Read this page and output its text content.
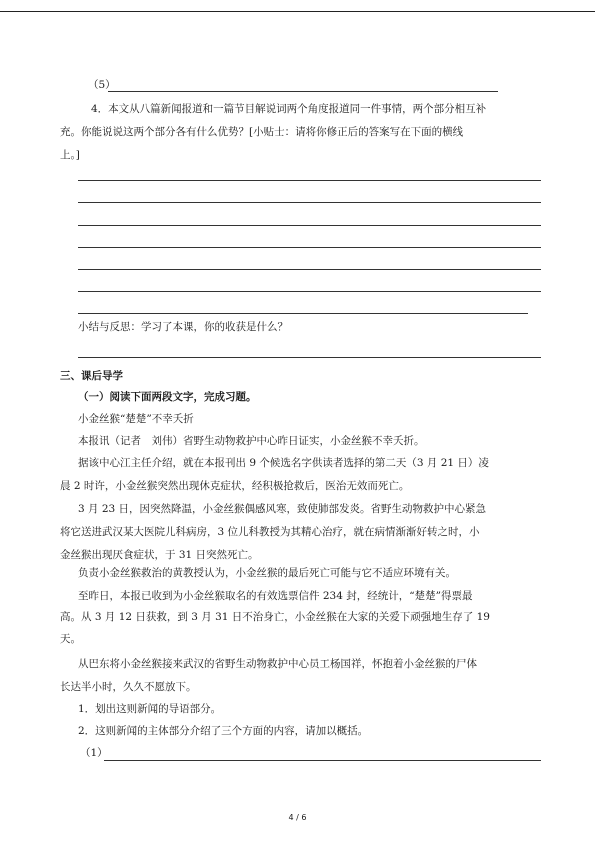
（5）
4．本文从八篇新闻报道和一篇节目解说词两个角度报道同一件事情，两个部分相互补
充。你能说说这两个部分各有什么优势？[小贴士：请将你修正后的答案写在下面的横线
上。]
小结与反思：学习了本课，你的收获是什么？
三、课后导学
（一）阅读下面两段文字，完成习题。
小金丝猴“楚楚”不幸夭折
本报讯（记者　刘伟）省野生动物救护中心昨日证实，小金丝猴不幸夭折。
据该中心江主任介绍，就在本报刊出 9 个候选名字供读者选择的第二天（3 月 21 日）凌
晨 2 时许，小金丝猴突然出现休克症状，经积极抢救后，医治无效而死亡。
3 月 23 日，因突然降温，小金丝猴偶感风寒，致使肺部发炎。省野生动物救护中心紧急
将它送进武汉某大医院儿科病房，3 位儿科教授为其精心治疗，就在病情渐渐好转之时，小
金丝猴出现厌食症状，于 31 日突然死亡。
负责小金丝猴救治的黄教授认为，小金丝猴的最后死亡可能与它不适应环境有关。
至昨日，本报已收到为小金丝猴取名的有效选票信件 234 封，经统计，“楚楚”得票最
高。从 3 月 12 日获救，到 3 月 31 日不治身亡，小金丝猴在大家的关爱下顽强地生存了 19
天。
从巴东将小金丝猴接来武汉的省野生动物救护中心员工杨国祥，怀抱着小金丝猴的尸体
长达半小时，久久不愿放下。
1．划出这则新闻的导语部分。
2．这则新闻的主体部分介绍了三个方面的内容，请加以概括。
（1）
4 / 6
